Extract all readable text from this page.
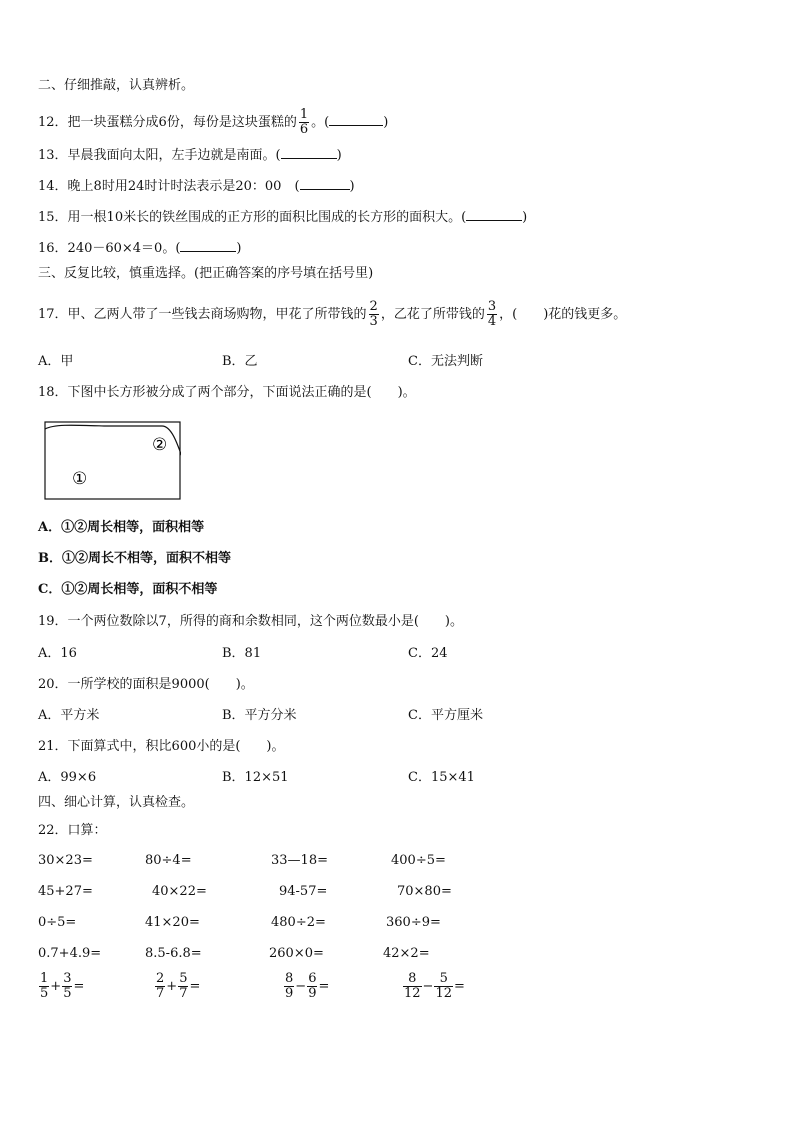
二、仔细推敲，认真辨析。
12．把一块蛋糕分成6份，每份是这块蛋糕的 $\frac{1}{6}$ 。(	)
13．早晨我面向太阳，左手边就是南面。(	)
14．晚上8时用24时计时法表示是20：00　(	)
15．用一根10米长的铁丝围成的正方形的面积比围成的长方形的面积大。(	)
16．240－60×4＝0。(	)
三、反复比较，慎重选择。(把正确答案的序号填在括号里)
17．甲、乙两人带了一些钱去商场购物，甲花了所带钱的 $\frac{2}{3}$ ，乙花了所带钱的 $\frac{3}{4}$ ，(　　)花的钱更多。
A．甲	B．乙	C．无法判断
18．下图中长方形被分成了两个部分，下面说法正确的是(　　)。
①
②
A．①②周长相等，面积相等
B．①②周长不相等，面积不相等
C．①②周长相等，面积不相等
19．一个两位数除以7，所得的商和余数相同，这个两位数最小是(　　)。
A．16	B．81	C．24
20．一所学校的面积是9000(　　)。
A．平方米	B．平方分米	C．平方厘米
21．下面算式中，积比600小的是(　　)。
A．99×6	B．12×51	C．15×41
四、细心计算，认真检查。
22．口算：
30×23=	80÷4=	33—18=	400÷5=
45+27=	40×22=	94-57=	70×80=
0÷5=	41×20=	480÷2=	360÷9=
0.7+4.9=	8.5-6.8=	260×0=	42×2=
$\frac{1}{5} + \frac{3}{5}$ =	$\frac{2}{7} + \frac{5}{7}$ =	$\frac{8}{9} - \frac{6}{9}$ =	$\frac{8}{12} - \frac{5}{12}$ =
